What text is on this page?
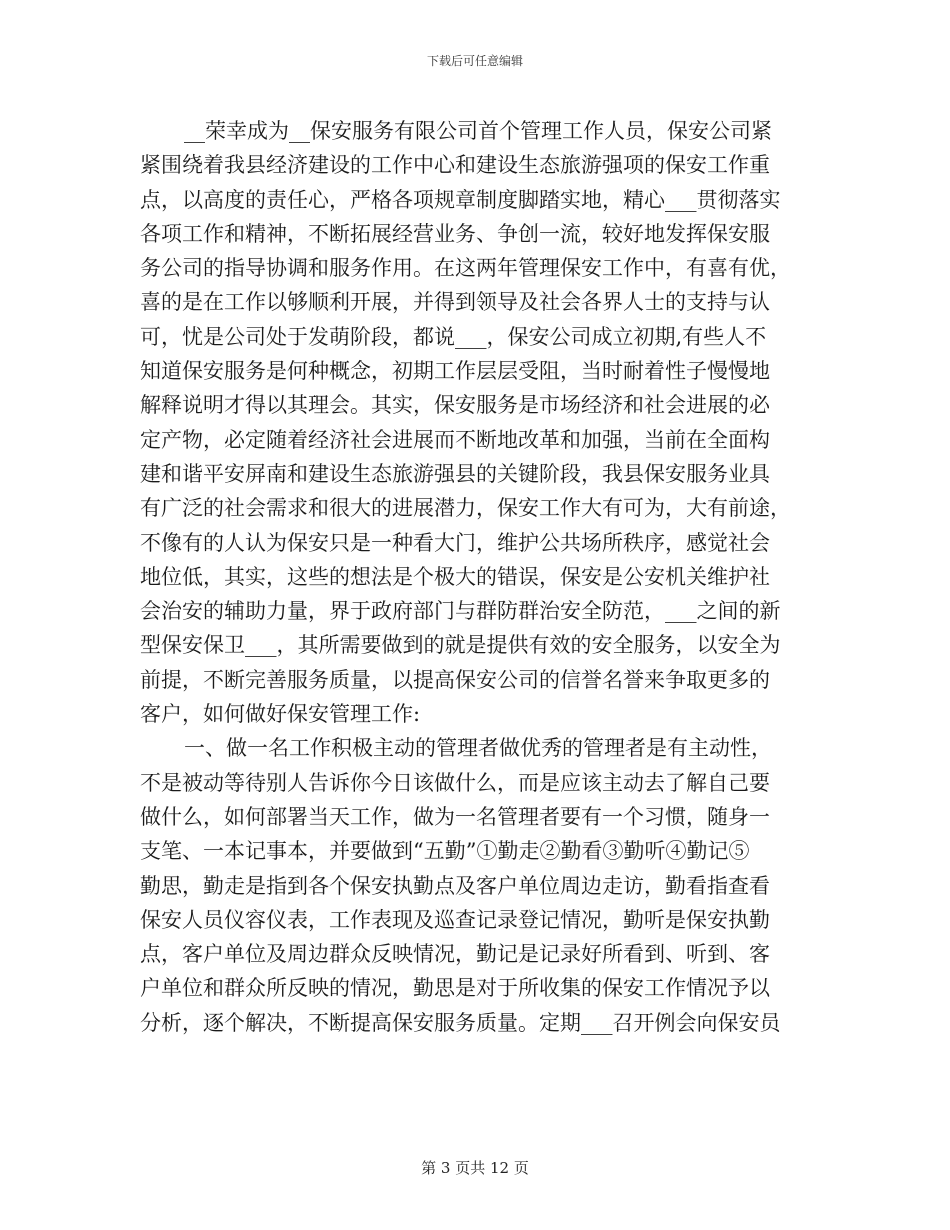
下载后可任意编辑
__荣幸成为__保安服务有限公司首个管理工作人员，保安公司紧
紧围绕着我县经济建设的工作中心和建设生态旅游强项的保安工作重
点，以高度的责任心，严格各项规章制度脚踏实地，精心___贯彻落实
各项工作和精神，不断拓展经营业务、争创一流，较好地发挥保安服
务公司的指导协调和服务作用。在这两年管理保安工作中，有喜有优，
喜的是在工作以够顺利开展，并得到领导及社会各界人士的支持与认
可，忧是公司处于发萌阶段，都说___，保安公司成立初期,有些人不
知道保安服务是何种概念，初期工作层层受阻，当时耐着性子慢慢地
解释说明才得以其理会。其实，保安服务是市场经济和社会进展的必
定产物，必定随着经济社会进展而不断地改革和加强，当前在全面构
建和谐平安屏南和建设生态旅游强县的关键阶段，我县保安服务业具
有广泛的社会需求和很大的进展潜力，保安工作大有可为，大有前途，
不像有的人认为保安只是一种看大门，维护公共场所秩序，感觉社会
地位低，其实，这些的想法是个极大的错误，保安是公安机关维护社
会治安的辅助力量，界于政府部门与群防群治安全防范，___之间的新
型保安保卫___，其所需要做到的就是提供有效的安全服务，以安全为
前提，不断完善服务质量，以提高保安公司的信誉名誉来争取更多的
客户，如何做好保安管理工作:
一、做一名工作积极主动的管理者做优秀的管理者是有主动性，
不是被动等待别人告诉你今日该做什么，而是应该主动去了解自己要
做什么，如何部署当天工作，做为一名管理者要有一个习惯，随身一
支笔、一本记事本，并要做到“五勤”①勤走②勤看③勤听④勤记⑤
勤思，勤走是指到各个保安执勤点及客户单位周边走访，勤看指查看
保安人员仪容仪表，工作表现及巡查记录登记情况，勤听是保安执勤
点，客户单位及周边群众反映情况，勤记是记录好所看到、听到、客
户单位和群众所反映的情况，勤思是对于所收集的保安工作情况予以
分析，逐个解决，不断提高保安服务质量。定期___召开例会向保安员
第 3 页共 12 页
